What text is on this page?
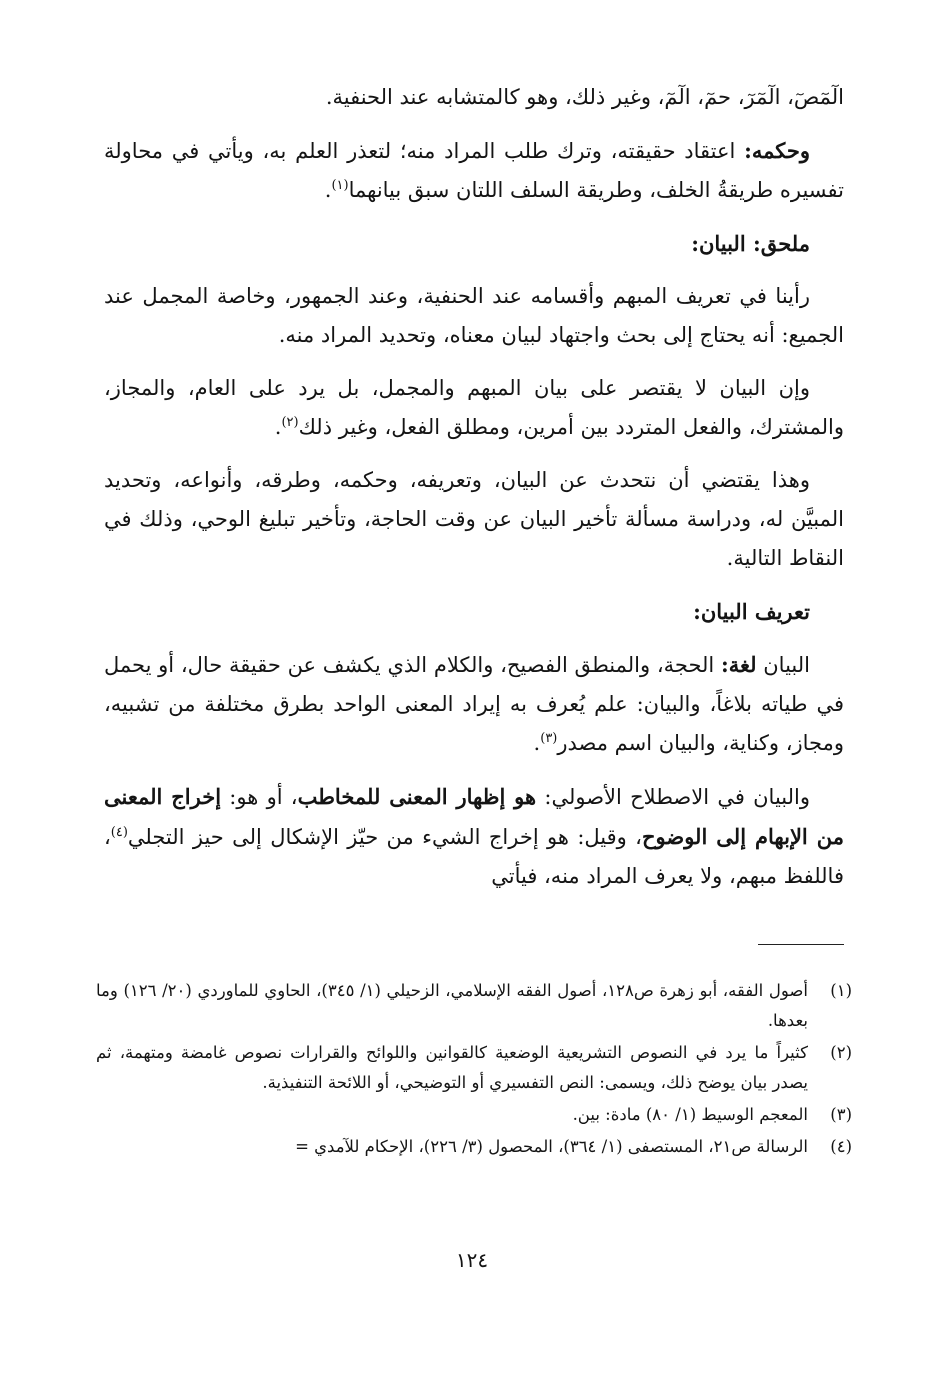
الٓمٓصٓ، الٓمٓرٓ، حمٓ، الٓمٓ، وغير ذلك، وهو كالمتشابه عند الحنفية.

وحكمه: اعتقاد حقيقته، وترك طلب المراد منه؛ لتعذر العلم به، ويأتي في محاولة تفسيره طريقةُ الخلف، وطريقة السلف اللتان سبق بيانهما$^{(١)}$.

ملحق: البيان:

رأينا في تعريف المبهم وأقسامه عند الحنفية، وعند الجمهور، وخاصة المجمل عند الجميع: أنه يحتاج إلى بحث واجتهاد لبيان معناه، وتحديد المراد منه.

وإن البيان لا يقتصر على بيان المبهم والمجمل، بل يرد على العام، والمجاز، والمشترك، والفعل المتردد بين أمرين، ومطلق الفعل، وغير ذلك$^{(٢)}$.

وهذا يقتضي أن نتحدث عن البيان، وتعريفه، وحكمه، وطرقه، وأنواعه، وتحديد المبيَّن له، ودراسة مسألة تأخير البيان عن وقت الحاجة، وتأخير تبليغ الوحي، وذلك في النقاط التالية.

تعريف البيان:

البيان لغة: الحجة، والمنطق الفصيح، والكلام الذي يكشف عن حقيقة حال، أو يحمل في طياته بلاغاً، والبيان: علم يُعرف به إيراد المعنى الواحد بطرق مختلفة من تشبيه، ومجاز، وكناية، والبيان اسم مصدر$^{(٣)}$.

والبيان في الاصطلاح الأصولي: هو إظهار المعنى للمخاطب، أو هو: إخراج المعنى من الإبهام إلى الوضوح، وقيل: هو إخراج الشيء من حيّز الإشكال إلى حيز التجلي$^{(٤)}$، فاللفظ مبهم، ولا يعرف المراد منه، فيأتي

(١)
أصول الفقه، أبو زهرة ص١٢٨، أصول الفقه الإسلامي، الزحيلي (١/ ٣٤٥)، الحاوي للماوردي (٢٠/ ١٢٦) وما بعدها.
(٢)
كثيراً ما يرد في النصوص التشريعية الوضعية كالقوانين واللوائح والقرارات نصوص غامضة ومتهمة، ثم يصدر بيان يوضح ذلك، ويسمى: النص التفسيري أو التوضيحي، أو اللائحة التنفيذية.
(٣)
المعجم الوسيط (١/ ٨٠) مادة: بين.
(٤)
الرسالة ص٢١، المستصفى (١/ ٣٦٤)، المحصول (٣/ ٢٢٦)، الإحكام للآمدي =
١٢٤
